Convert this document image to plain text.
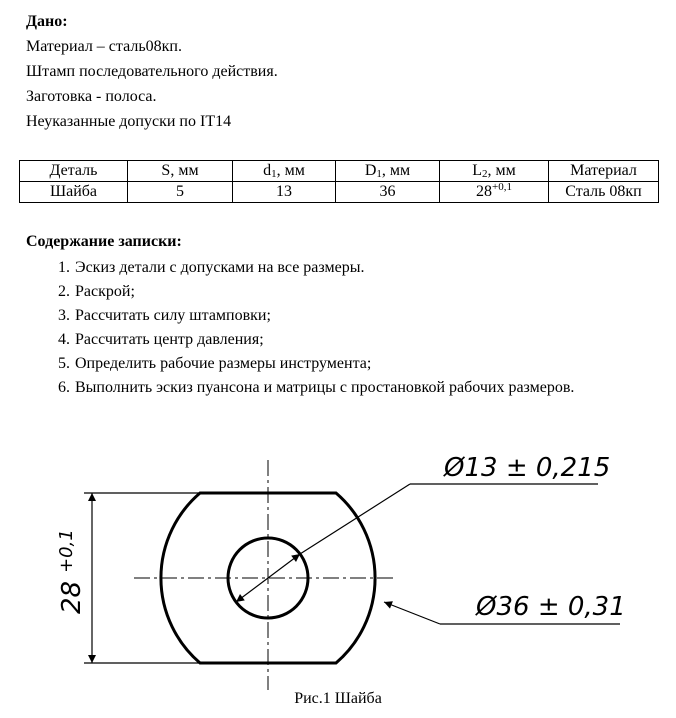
Дано:
Материал – сталь08кп.
Штамп последовательного действия.
Заготовка - полоса.
Неуказанные допуски по IT14
Деталь	S, мм	$d_1$, мм	$D_1$, мм	$L_2$, мм	Материал
Шайба	5	13	36	$28^{+0,1}$	Сталь 08кп
Содержание записки:
1. Эскиз детали с допусками на все размеры.
2. Раскрой;
3. Рассчитать силу штамповки;
4. Рассчитать центр давления;
5. Определить рабочие размеры инструмента;
6. Выполнить эскиз пуансона и матрицы с простановкой рабочих размеров.
$28^{+0,1}$
Ø13 ± 0,215
Ø36 ± 0,31
Рис.1 Шайба
